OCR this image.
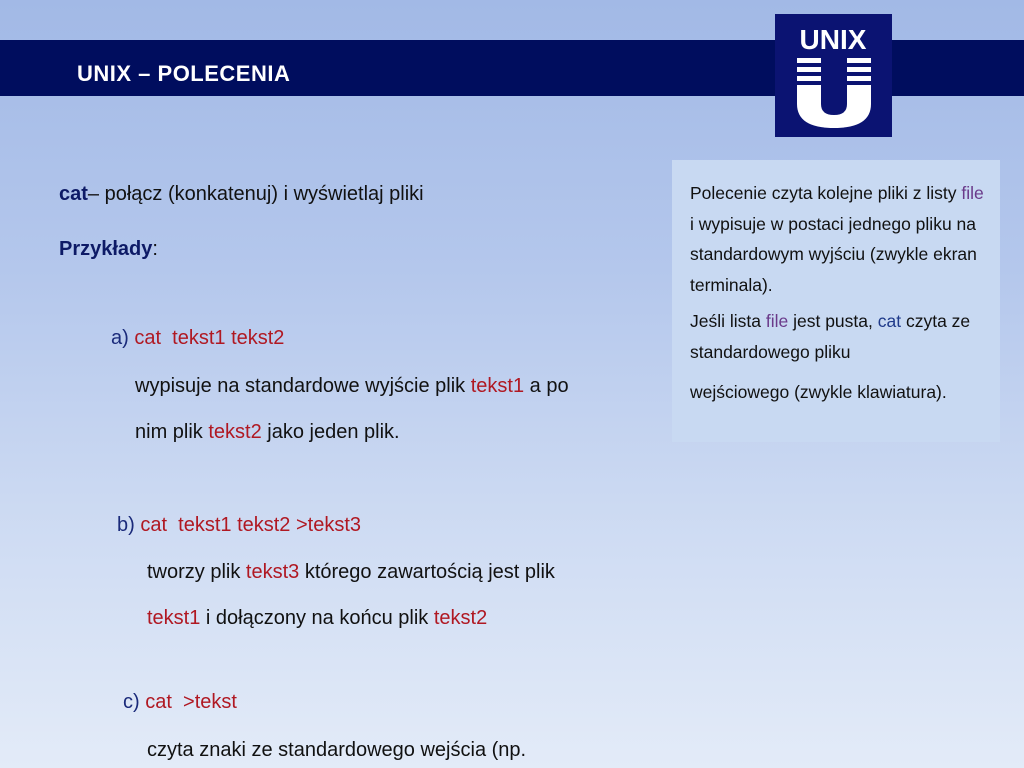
UNIX – POLECENIA
UNIX
cat– połącz (konkatenuj) i wyświetlaj pliki
Przykłady:
a) cat  tekst1 tekst2
wypisuje na standardowe wyjście plik tekst1 a po
nim plik tekst2 jako jeden plik.
b) cat  tekst1 tekst2 >tekst3
tworzy plik tekst3 którego zawartością jest plik
tekst1 i dołączony na końcu plik tekst2
c) cat  >tekst
czyta znaki ze standardowego wejścia (np.

Polecenie czyta kolejne pliki z listy file i wypisuje w postaci jednego pliku na standardowym wyjściu (zwykle ekran terminala).

Jeśli lista file jest pusta, cat czyta ze standardowego pliku

wejściowego (zwykle klawiatura).
